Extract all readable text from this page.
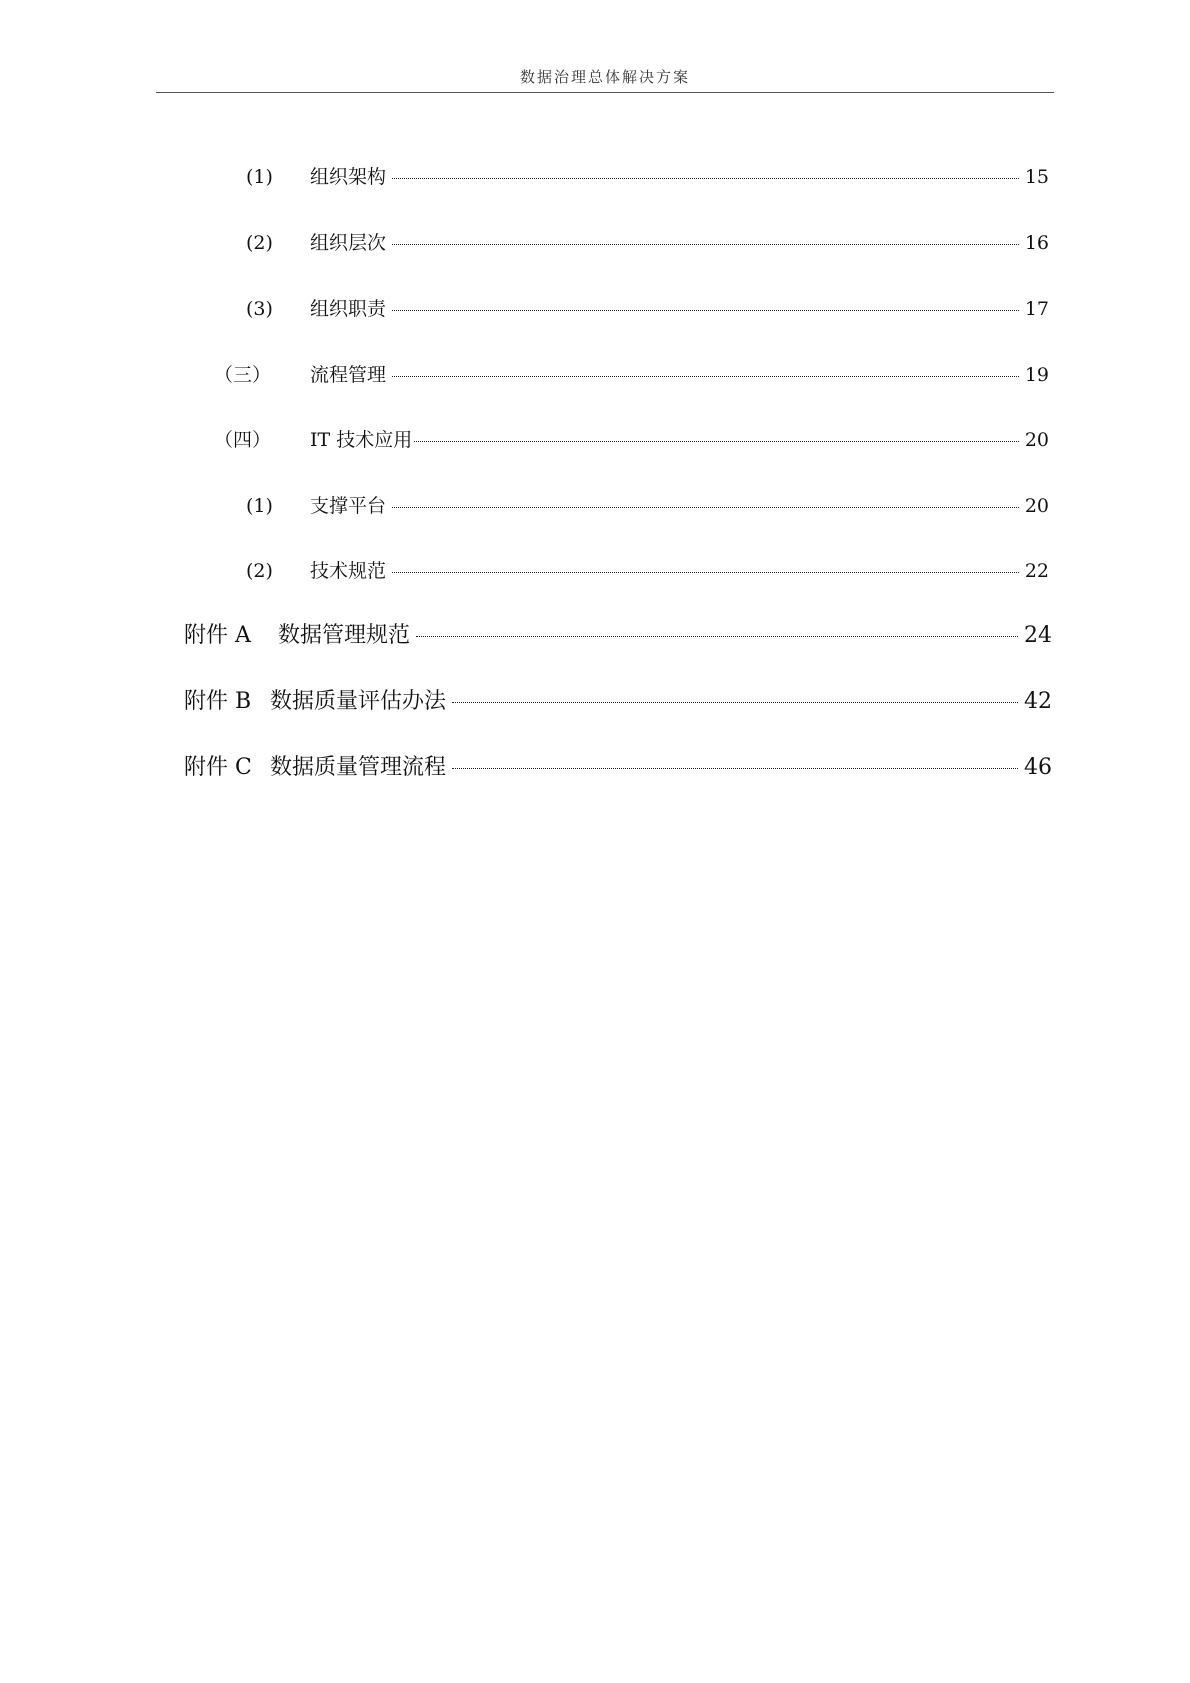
数据治理总体解决方案
(1)	组织架构	15
(2)	组织层次	16
(3)	组织职责	17
（三）	流程管理	19
（四）	IT 技术应用	20
(1)	支撑平台	20
(2)	技术规范	22
附件 A	数据管理规范	24
附件 B 数据质量评估办法	42
附件 C 数据质量管理流程	46
